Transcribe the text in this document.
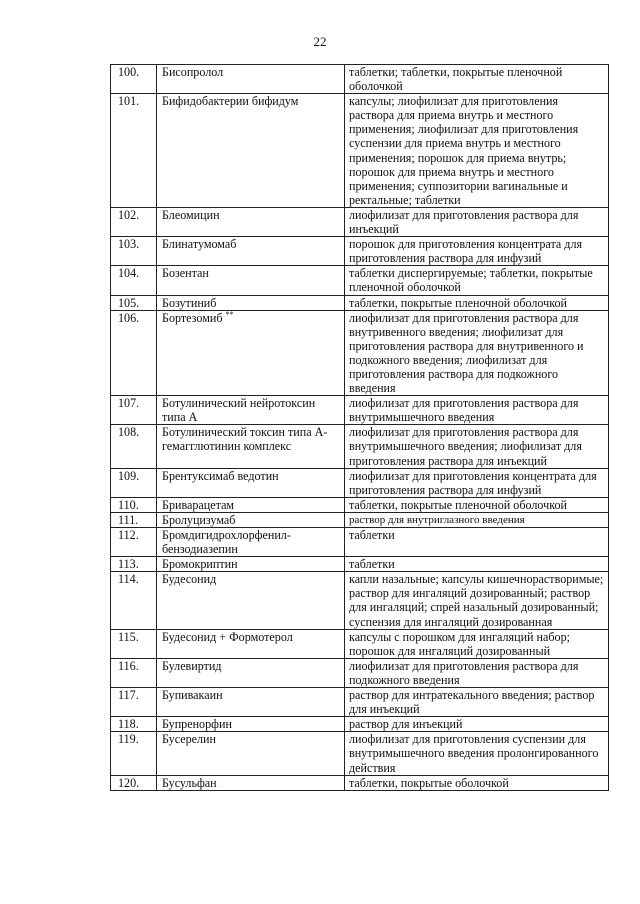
22
100.	Бисопролол	таблетки; таблетки, покрытые пленочной оболочкой
101.	Бифидобактерии бифидум	капсулы; лиофилизат для приготовления раствора для приема внутрь и местного применения; лиофилизат для приготовления суспензии для приема внутрь и местного применения; порошок для приема внутрь; порошок для приема внутрь и местного применения; суппозитории вагинальные и ректальные; таблетки
102.	Блеомицин	лиофилизат для приготовления раствора для инъекций
103.	Блинатумомаб	порошок для приготовления концентрата для приготовления раствора для инфузий
104.	Бозентан	таблетки диспергируемые; таблетки, покрытые пленочной оболочкой
105.	Бозутиниб	таблетки, покрытые пленочной оболочкой
106.	Бортезомиб **	лиофилизат для приготовления раствора для внутривенного введения; лиофилизат для приготовления раствора для внутривенного и подкожного введения; лиофилизат для приготовления раствора для подкожного введения
107.	Ботулинический нейротоксин типа А	лиофилизат для приготовления раствора для внутримышечного введения
108.	Ботулинический токсин типа А-гемагглютинин комплекс	лиофилизат для приготовления раствора для внутримышечного введения; лиофилизат для приготовления раствора для инъекций
109.	Брентуксимаб ведотин	лиофилизат для приготовления концентрата для приготовления раствора для инфузий
110.	Бриварацетам	таблетки, покрытые пленочной оболочкой
111.	Бролуцизумаб	раствор для внутриглазного введения
112.	Бромдигидрохлорфенил-бензодиазепин	таблетки
113.	Бромокриптин	таблетки
114.	Будесонид	капли назальные; капсулы кишечнорастворимые; раствор для ингаляций дозированный; раствор для ингаляций; спрей назальный дозированный; суспензия для ингаляций дозированная
115.	Будесонид + Формотерол	капсулы с порошком для ингаляций набор; порошок для ингаляций дозированный
116.	Булевиртид	лиофилизат для приготовления раствора для подкожного введения
117.	Бупивакаин	раствор для интратекального введения; раствор для инъекций
118.	Бупренорфин	раствор для инъекций
119.	Бусерелин	лиофилизат для приготовления суспензии для внутримышечного введения пролонгированного действия
120.	Бусульфан	таблетки, покрытые оболочкой
